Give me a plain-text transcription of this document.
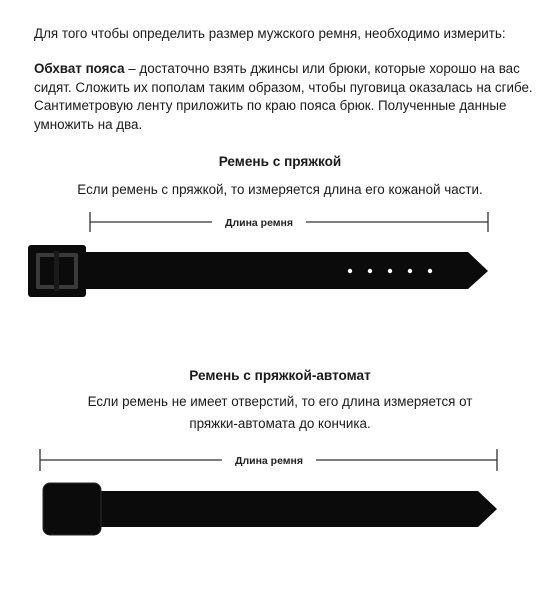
Для того чтобы определить размер мужского ремня, необходимо измерить:

Обхват пояса – достаточно взять джинсы или брюки, которые хорошо на вас сидят. Сложить их пополам таким образом, чтобы пуговица оказалась на сгибе. Сантиметровую ленту приложить по краю пояса брюк. Полученные данные умножить на два.

Ремень с пряжкой

Если ремень с пряжкой, то измеряется длина его кожаной части.

Длина ремня
Ремень с пряжкой-автомат

Если ремень не имеет отверстий, то его длина измеряется от

пряжки-автомата до кончика.

Длина ремня
